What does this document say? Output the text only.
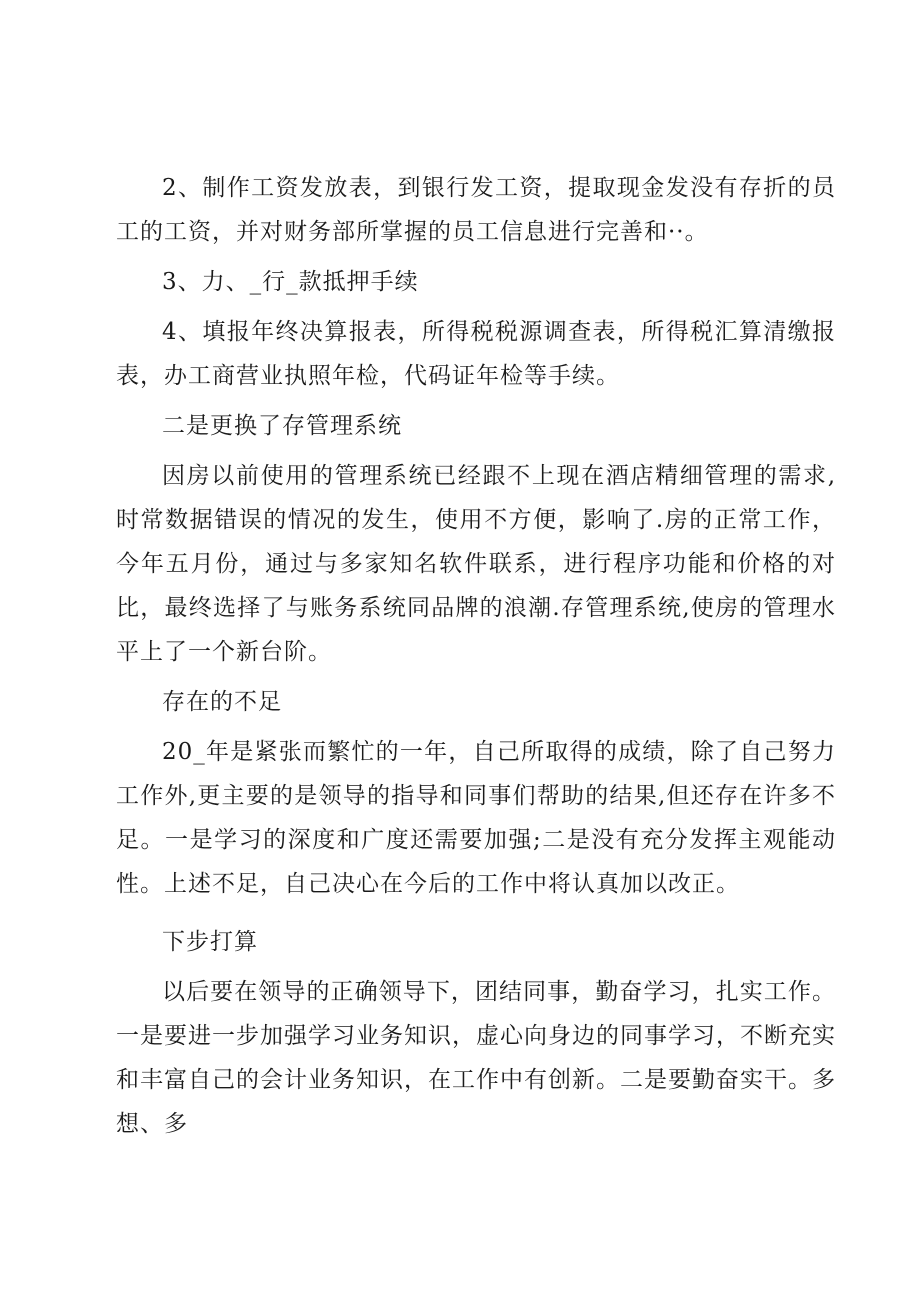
2、制作工资发放表，到银行发工资，提取现金发没有存折的员工的工资，并对财务部所掌握的员工信息进行完善和··。

3、力、_行_款抵押手续

4、填报年终决算报表，所得税税源调查表，所得税汇算清缴报表，办工商营业执照年检，代码证年检等手续。

二是更换了存管理系统

因房以前使用的管理系统已经跟不上现在酒店精细管理的需求,时常数据错误的情况的发生，使用不方便，影响了.房的正常工作，今年五月份，通过与多家知名软件联系，进行程序功能和价格的对比，最终选择了与账务系统同品牌的浪潮.存管理系统,使房的管理水平上了一个新台阶。

存在的不足

20_年是紧张而繁忙的一年，自己所取得的成绩，除了自己努力工作外,更主要的是领导的指导和同事们帮助的结果,但还存在许多不足。一是学习的深度和广度还需要加强;二是没有充分发挥主观能动性。上述不足，自己决心在今后的工作中将认真加以改正。

下步打算

以后要在领导的正确领导下，团结同事，勤奋学习，扎实工作。一是要进一步加强学习业务知识，虚心向身边的同事学习，不断充实和丰富自己的会计业务知识，在工作中有创新。二是要勤奋实干。多想、多
